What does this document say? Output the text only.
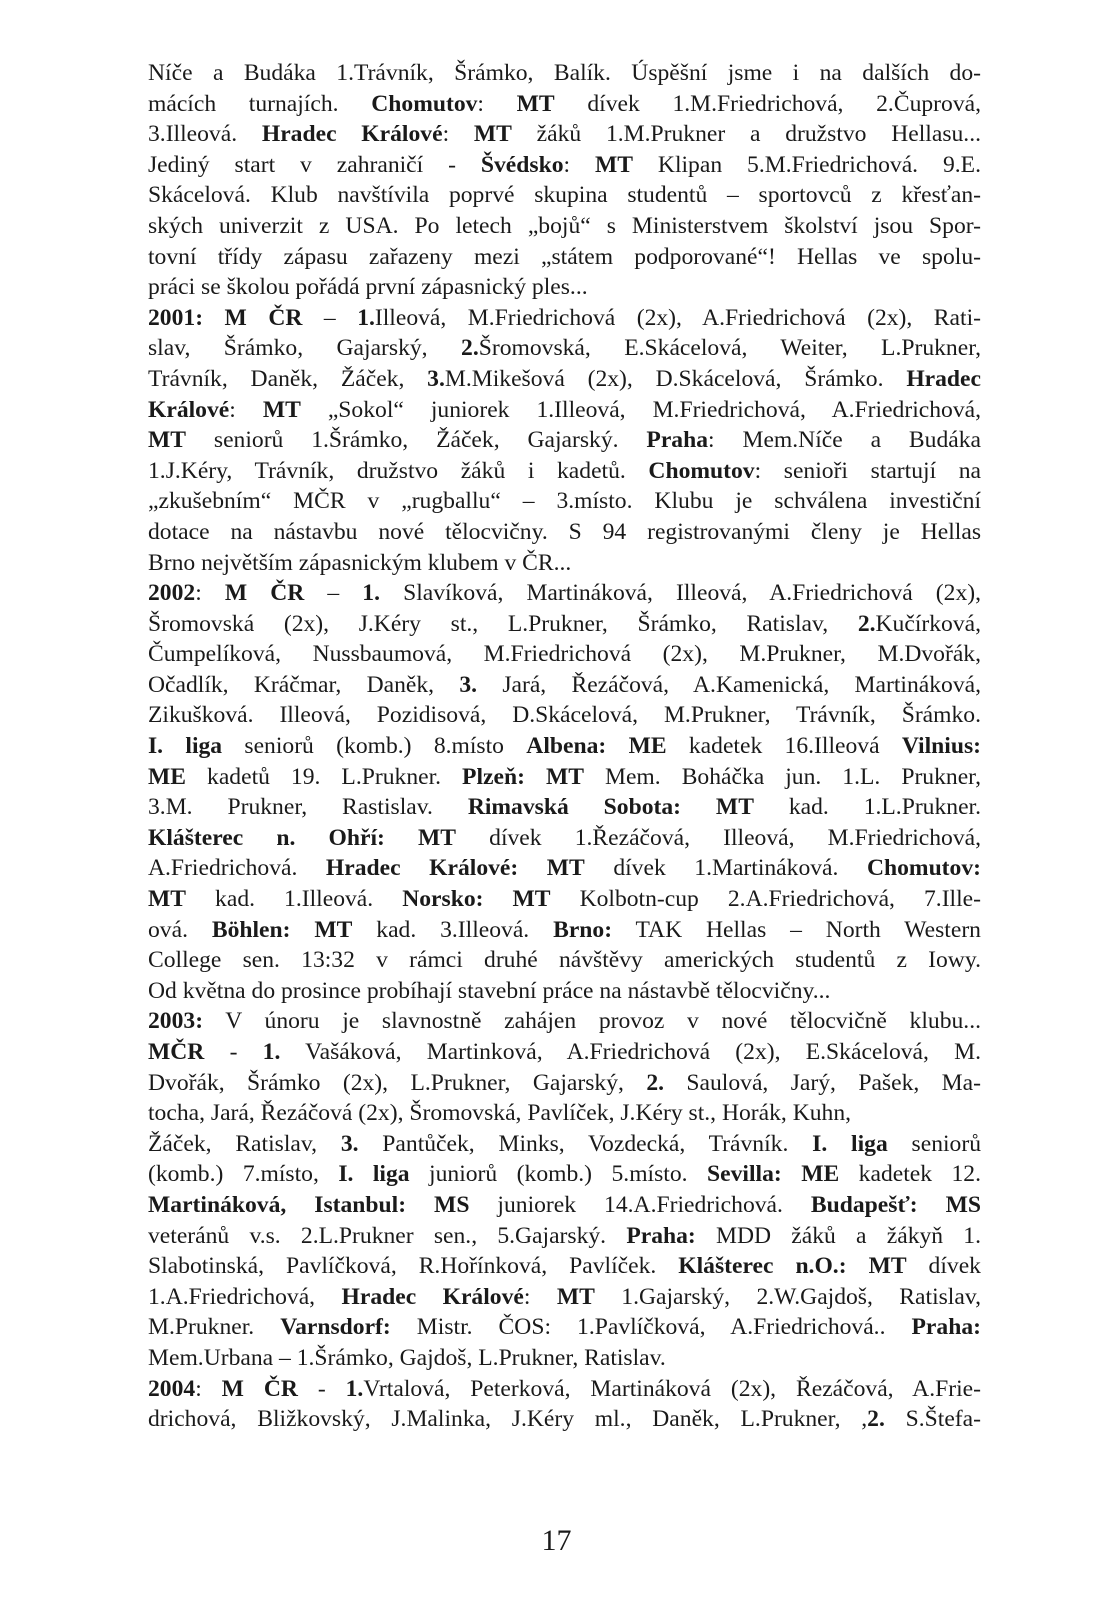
Níče a Budáka 1.Trávník, Šrámko, Balík. Úspěšní jsme i na dalších do-
mácích turnajích. Chomutov: MT dívek 1.M.Friedrichová, 2.Čuprová,
3.Illeová. Hradec Králové: MT žáků 1.M.Prukner a družstvo Hellasu...
Jediný start v zahraničí - Švédsko: MT Klipan 5.M.Friedrichová. 9.E.
Skácelová. Klub navštívila poprvé skupina studentů – sportovců z křesťan-
ských univerzit z USA. Po letech „bojů“ s Ministerstvem školství jsou Spor-
tovní třídy zápasu zařazeny mezi „státem podporované“! Hellas ve spolu-
práci se školou pořádá první zápasnický ples...
2001: M ČR – 1.Illeová, M.Friedrichová (2x), A.Friedrichová (2x), Rati-
slav, Šrámko, Gajarský, 2.Šromovská, E.Skácelová, Weiter, L.Prukner,
Trávník, Daněk, Žáček, 3.M.Mikešová (2x), D.Skácelová, Šrámko. Hradec
Králové: MT „Sokol“ juniorek 1.Illeová, M.Friedrichová, A.Friedrichová,
MT seniorů 1.Šrámko, Žáček, Gajarský. Praha: Mem.Níče a Budáka
1.J.Kéry, Trávník, družstvo žáků i kadetů. Chomutov: senioři startují na
„zkušebním“ MČR v „rugballu“ – 3.místo. Klubu je schválena investiční
dotace na nástavbu nové tělocvičny. S 94 registrovanými členy je Hellas
Brno největším zápasnickým klubem v ČR...
2002: M ČR – 1. Slavíková, Martináková, Illeová, A.Friedrichová (2x),
Šromovská (2x), J.Kéry st., L.Prukner, Šrámko, Ratislav, 2.Kučírková,
Čumpelíková, Nussbaumová, M.Friedrichová (2x), M.Prukner, M.Dvořák,
Očadlík, Kráčmar, Daněk, 3. Jará, Řezáčová, A.Kamenická, Martináková,
Zikušková. Illeová, Pozidisová, D.Skácelová, M.Prukner, Trávník, Šrámko.
I. liga seniorů (komb.) 8.místo Albena: ME kadetek 16.Illeová Vilnius:
ME kadetů 19. L.Prukner. Plzeň: MT Mem. Boháčka jun. 1.L. Prukner,
3.M. Prukner, Rastislav. Rimavská Sobota: MT kad. 1.L.Prukner.
Klášterec n. Ohří: MT dívek 1.Řezáčová, Illeová, M.Friedrichová,
A.Friedrichová. Hradec Králové: MT dívek 1.Martináková. Chomutov:
MT kad. 1.Illeová. Norsko: MT Kolbotn-cup 2.A.Friedrichová, 7.Ille-
ová. Böhlen: MT kad. 3.Illeová. Brno: TAK Hellas – North Western
College sen. 13:32 v rámci druhé návštěvy amerických studentů z Iowy.
Od května do prosince probíhají stavební práce na nástavbě tělocvičny...
2003: V únoru je slavnostně zahájen provoz v nové tělocvičně klubu...
MČR - 1. Vašáková, Martinková, A.Friedrichová (2x), E.Skácelová, M.
Dvořák, Šrámko (2x), L.Prukner, Gajarský, 2. Saulová, Jarý, Pašek, Ma-
tocha, Jará, Řezáčová (2x), Šromovská, Pavlíček, J.Kéry st., Horák, Kuhn,
Žáček, Ratislav, 3. Pantůček, Minks, Vozdecká, Trávník. I. liga seniorů
(komb.) 7.místo, I. liga juniorů (komb.) 5.místo. Sevilla: ME kadetek 12.
Martináková, Istanbul: MS juniorek 14.A.Friedrichová. Budapešť: MS
veteránů v.s. 2.L.Prukner sen., 5.Gajarský. Praha: MDD žáků a žákyň 1.
Slabotinská, Pavlíčková, R.Hořínková, Pavlíček. Klášterec n.O.: MT dívek
1.A.Friedrichová, Hradec Králové: MT 1.Gajarský, 2.W.Gajdoš, Ratislav,
M.Prukner. Varnsdorf: Mistr. ČOS: 1.Pavlíčková, A.Friedrichová.. Praha:
Mem.Urbana – 1.Šrámko, Gajdoš, L.Prukner, Ratislav.
2004: M ČR - 1.Vrtalová, Peterková, Martináková (2x), Řezáčová, A.Frie-
drichová, Bližkovský, J.Malinka, J.Kéry ml., Daněk, L.Prukner, ,2. S.Štefa-
17
